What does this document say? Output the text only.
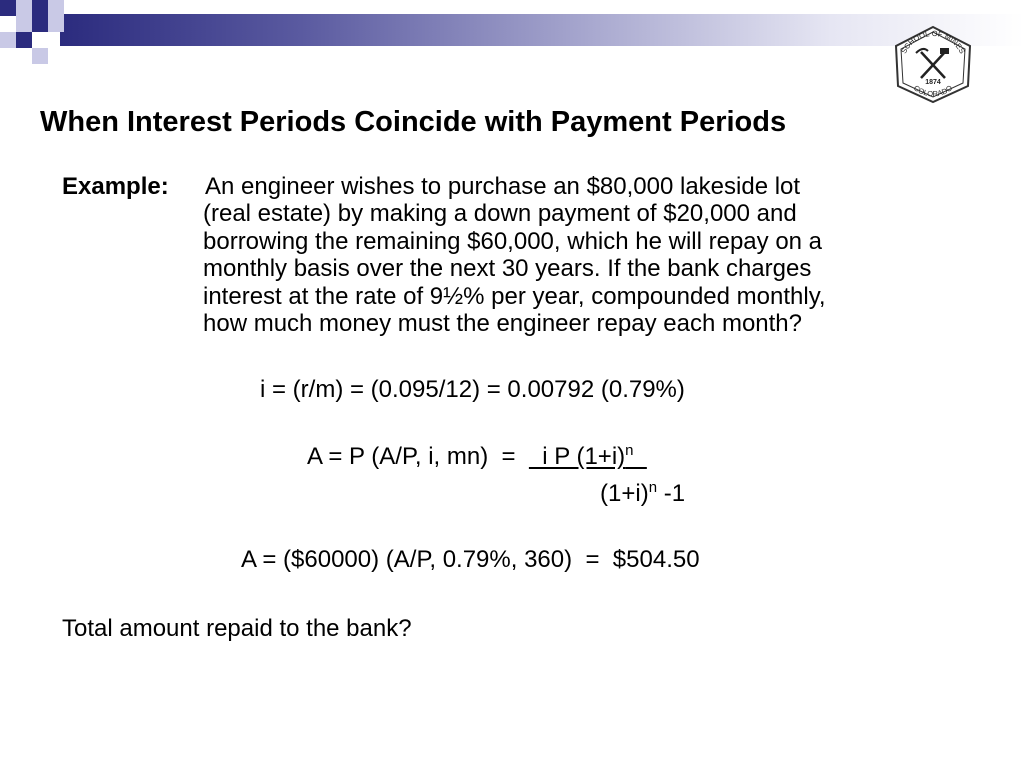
SCHOOL OF MINES
COLORADO
1874
When Interest Periods Coincide with Payment Periods
Example: An engineer wishes to purchase an $80,000 lakeside lot
(real estate) by making a down payment of $20,000 and
borrowing the remaining $60,000, which he will repay on a
monthly basis over the next 30 years. If the bank charges
interest at the rate of 9½% per year, compounded monthly,
how much money must the engineer repay each month?
i = (r/m) = (0.095/12) = 0.00792 (0.79%)
A = P (A/P, i, mn)  =    i P $(1+i)^n$
$(1+i)^n$ -1
A = ($60000) (A/P, 0.79%, 360)  =  $504.50
Total amount repaid to the bank?
